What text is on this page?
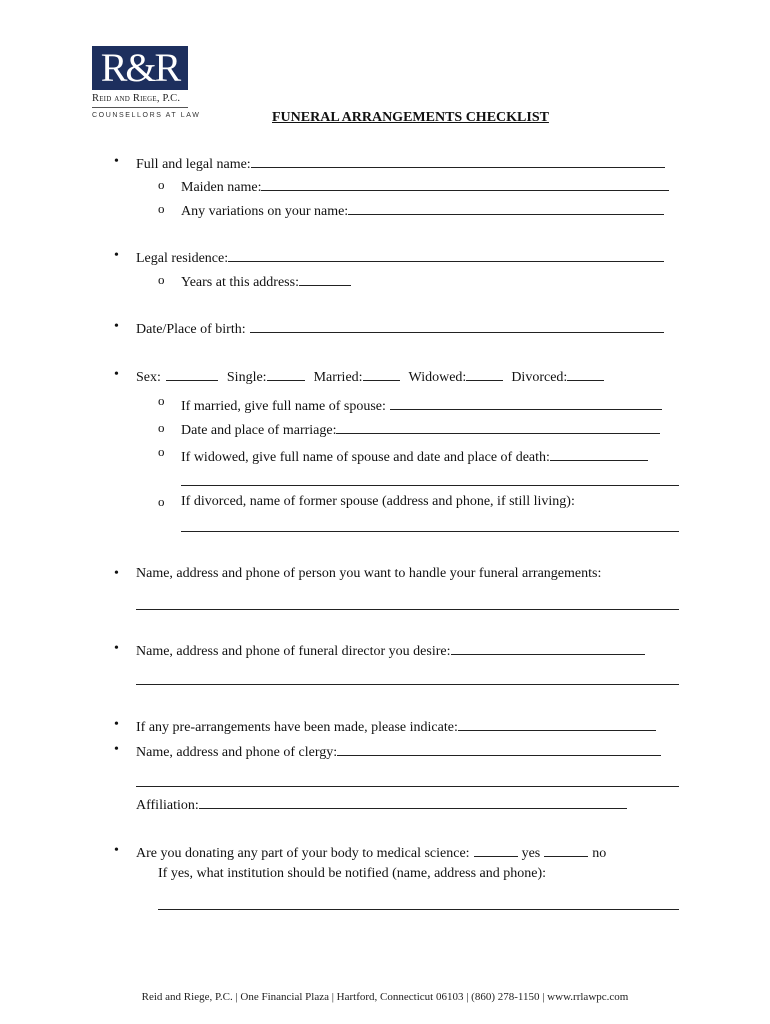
R&R
Reid and Riege, P.C.
COUNSELLORS AT LAW	FUNERAL ARRANGEMENTS CHECKLIST
• Full and legal name:
o Maiden name:
o Any variations on your name:
• Legal residence:
o Years at this address:
• Date/Place of birth:
• Sex:	Single:	Married:	Widowed:	Divorced:
o If married, give full name of spouse:
o Date and place of marriage:
o If widowed, give full name of spouse and date and place of death:
o If divorced, name of former spouse (address and phone, if still living):
• Name, address and phone of person you want to handle your funeral arrangements:
• Name, address and phone of funeral director you desire:
• If any pre-arrangements have been made, please indicate:
• Name, address and phone of clergy:
Affiliation:
• Are you donating any part of your body to medical science:	yes	no
If yes, what institution should be notified (name, address and phone):
Reid and Riege, P.C. | One Financial Plaza | Hartford, Connecticut 06103 | (860) 278-1150 | www.rrlawpc.com
